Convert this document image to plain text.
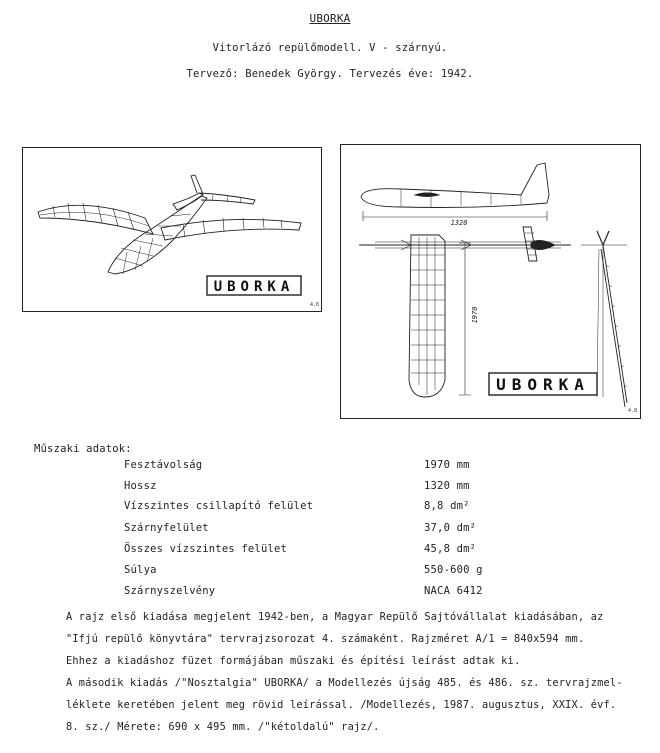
UBORKA
Vitorlázó repülőmodell. V - szárnyú.
Tervező: Benedek György. Tervezés éve: 1942.
UBORKA
4.8
1320
1970
UBORKA
4.8
Műszaki adatok:
Fesztávolság	1970 mm
Hossz	1320 mm
Vízszintes csillapító felület	8,8 dm²
Szárnyfelület	37,0 dm²
Összes vízszintes felület	45,8 dm²
Súlya	550-600 g
Szárnyszelvény	NACA 6412
A rajz első kiadása megjelent 1942-ben, a Magyar Repülő Sajtóvállalat kiadásában, az
"Ifjú repülő könyvtára" tervrajzsorozat 4. számaként. Rajzméret A/1 = 840x594 mm.
Ehhez a kiadáshoz füzet formájában műszaki és építési leírást adtak ki.
A második kiadás /"Nosztalgia" UBORKA/ a Modellezés újság 485. és 486. sz. tervrajzmel-
léklete keretében jelent meg rövid leírással. /Modellezés, 1987. augusztus, XXIX. évf.
8. sz./ Mérete: 690 x 495 mm. /"kétoldalú" rajz/.
